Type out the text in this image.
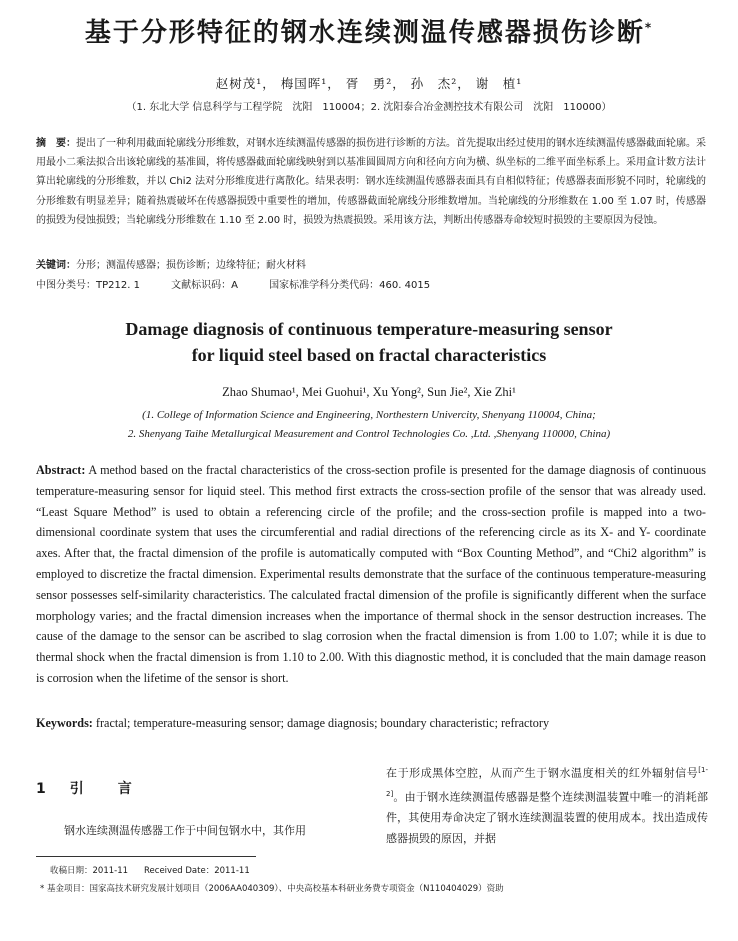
基于分形特征的钢水连续测温传感器损伤诊断*
赵树茂¹， 梅国晖¹， 胥　勇²， 孙　杰²， 谢　植¹
（1. 东北大学 信息科学与工程学院　沈阳　110004；2. 沈阳泰合冶金测控技术有限公司　沈阳　110000）
摘　要：提出了一种利用截面轮廓线分形维数，对钢水连续测温传感器的损伤进行诊断的方法。首先提取出经过使用的钢水连续测温传感器截面轮廓。采用最小二乘法拟合出该轮廓线的基准圆，将传感器截面轮廓线映射到以基准圆圆周方向和径向方向为横、纵坐标的二维平面坐标系上。采用盒计数方法计算出轮廓线的分形维数，并以 Chi2 法对分形维度进行离散化。结果表明：钢水连续测温传感器表面具有自相似特征；传感器表面形貌不同时，轮廓线的分形维数有明显差异；随着热震破坏在传感器损毁中重要性的增加，传感器截面轮廓线分形维数增加。当轮廓线的分形维数在 1.00 至 1.07 时，传感器的损毁为侵蚀损毁；当轮廓线分形维数在 1.10 至 2.00 时，损毁为热震损毁。采用该方法，判断出传感器寿命较短时损毁的主要原因为侵蚀。
关键词：分形；测温传感器；损伤诊断；边缘特征；耐火材料
中图分类号：TP212. 1	文献标识码：A	国家标准学科分类代码：460. 4015
Damage diagnosis of continuous temperature-measuring sensor
for liquid steel based on fractal characteristics
Zhao Shumao¹, Mei Guohui¹, Xu Yong², Sun Jie², Xie Zhi¹
(1. College of Information Science and Engineering, Northestern Univercity, Shenyang 110004, China;
2. Shenyang Taihe Metallurgical Measurement and Control Technologies Co. ,Ltd. ,Shenyang 110000, China)
Abstract: A method based on the fractal characteristics of the cross-section profile is presented for the damage diagnosis of continuous temperature-measuring sensor for liquid steel. This method first extracts the cross-section profile of the sensor that was already used. “Least Square Method” is used to obtain a referencing circle of the profile; and the cross-section profile is mapped into a two-dimensional coordinate system that uses the circumferential and radial directions of the referencing circle as its X- and Y- coordinate axes. After that, the fractal dimension of the profile is automatically computed with “Box Counting Method”, and “Chi2 algorithm” is employed to discretize the fractal dimension. Experimental results demonstrate that the surface of the continuous temperature-measuring sensor possesses self-similarity characteristics. The calculated fractal dimension of the profile is significantly different when the surface morphology varies; and the fractal dimension increases when the importance of thermal shock in the sensor destruction increases. The cause of the damage to the sensor can be ascribed to slag corrosion when the fractal dimension is from 1.00 to 1.07; while it is due to thermal shock when the fractal dimension is from 1.10 to 2.00. With this diagnostic method, it is concluded that the main damage reason is corrosion when the lifetime of the sensor is short.
Keywords: fractal; temperature-measuring sensor; damage diagnosis; boundary characteristic; refractory
1 引言
钢水连续测温传感器工作于中间包钢水中，其作用
在于形成黑体空腔，从而产生于钢水温度相关的红外辐射信号[1-2]。由于钢水连续测温传感器是整个连续测温装置中唯一的消耗部件，其使用寿命决定了钢水连续测温装置的使用成本。找出造成传感器损毁的原因，并据
收稿日期：2011-11 Received Date：2011-11
* 基金项目：国家高技术研究发展计划项目（2006AA040309）、中央高校基本科研业务费专项资金（N110404029）资助
